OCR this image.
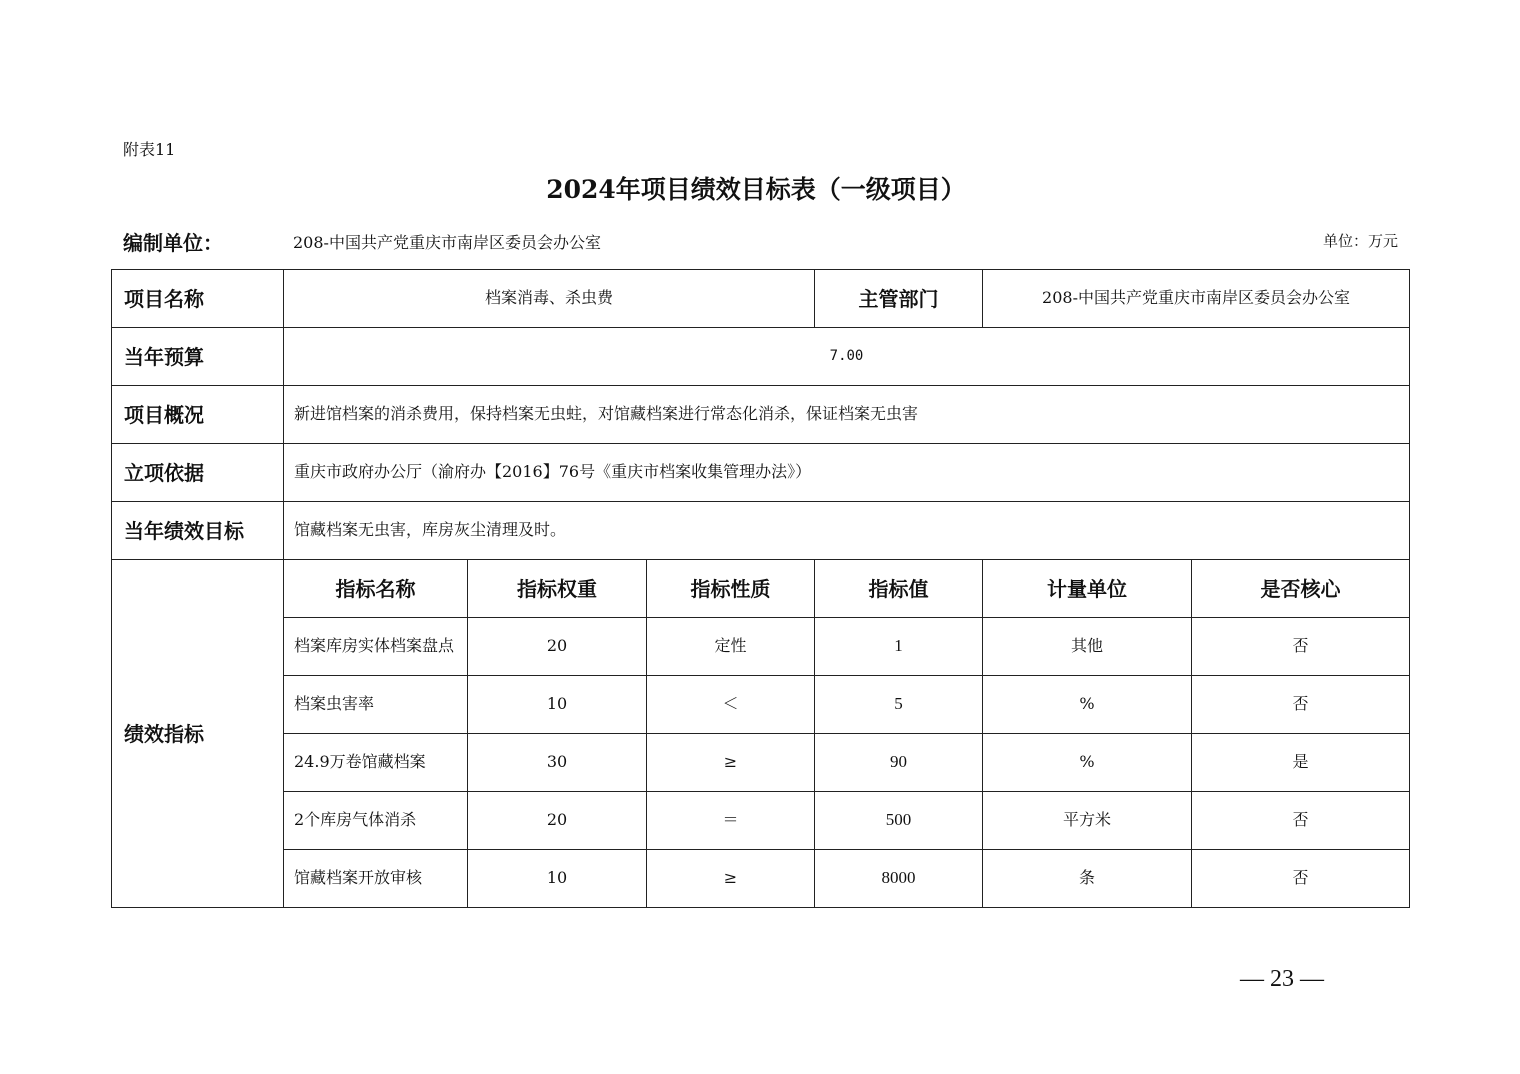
附表11
2024年项目绩效目标表（一级项目）
编制单位：	208-中国共产党重庆市南岸区委员会办公室	单位：万元
项目名称	档案消毒、杀虫费			主管部门	208-中国共产党重庆市南岸区委员会办公室	
当年预算	7.00					
项目概况	新进馆档案的消杀费用，保持档案无虫蛀，对馆藏档案进行常态化消杀，保证档案无虫害					
立项依据	重庆市政府办公厅（渝府办【2016】76号《重庆市档案收集管理办法》）					
当年绩效目标	馆藏档案无虫害，库房灰尘清理及时。					
绩效指标	指标名称	指标权重	指标性质	指标值	计量单位	是否核心
	档案库房实体档案盘点	20	定性	1	其他	否
	档案虫害率	10	＜	5	%	否
	24.9万卷馆藏档案	30	≥	90	%	是
	2个库房气体消杀	20	＝	500	平方米	否
	馆藏档案开放审核	10	≥	8000	条	否
— 23 —
